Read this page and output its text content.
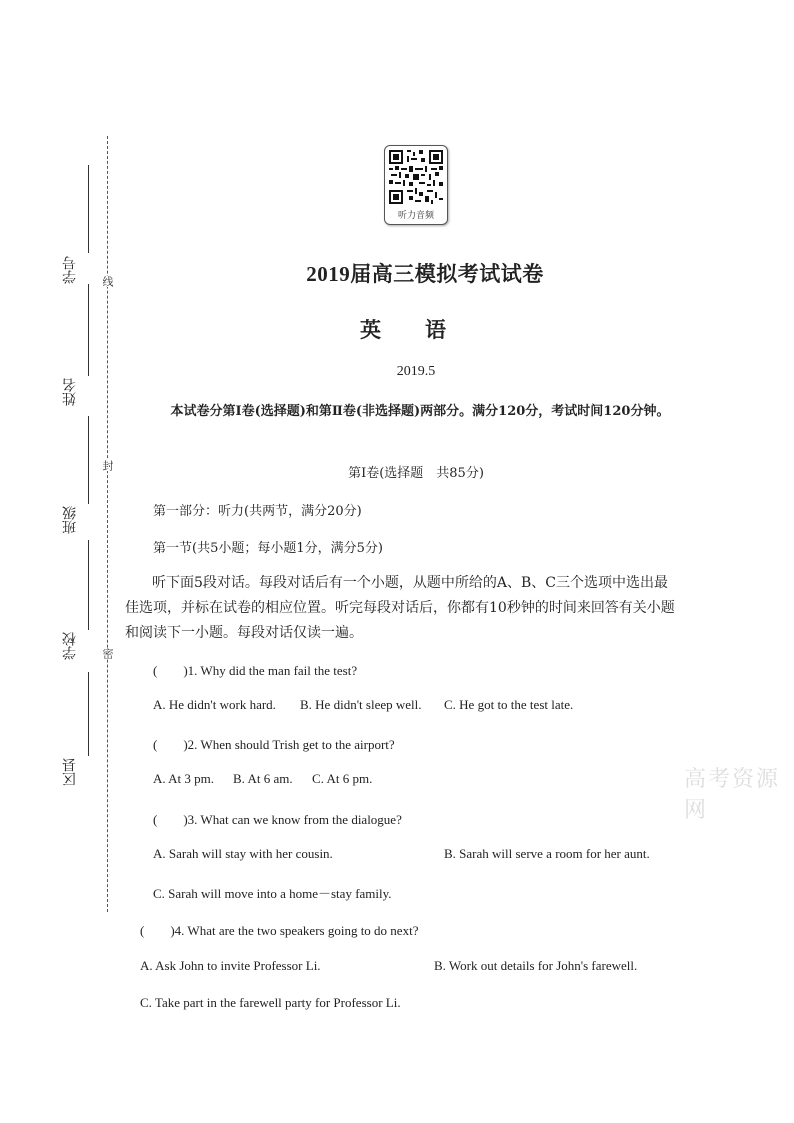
线
封
密
学号
姓名
班级
学校
区县
听力音频
2019届高三模拟考试试卷
英语
2019.5
本试卷分第Ⅰ卷(选择题)和第Ⅱ卷(非选择题)两部分。满分120分，考试时间120分钟。
第Ⅰ卷(选择题　共85分)
第一部分：听力(共两节，满分20分)
第一节(共5小题；每小题1分，满分5分)
听下面5段对话。每段对话后有一个小题，从题中所给的A、B、C三个选项中选出最佳选项，并标在试卷的相应位置。听完每段对话后，你都有10秒钟的时间来回答有关小题和阅读下一小题。每段对话仅读一遍。
(　　)1. Why did the man fail the test?
A. He didn't work hard. B. He didn't sleep well. C. He got to the test late.
(　　)2. When should Trish get to the airport?
A. At 3 pm. B. At 6 am. C. At 6 pm.
(　　)3. What can we know from the dialogue?
A. Sarah will stay with her cousin.	B. Sarah will serve a room for her aunt.
C. Sarah will move into a home－stay family.
(　　)4. What are the two speakers going to do next?
A. Ask John to invite Professor Li.	B. Work out details for John's farewell.
C. Take part in the farewell party for Professor Li.
高考资源网
